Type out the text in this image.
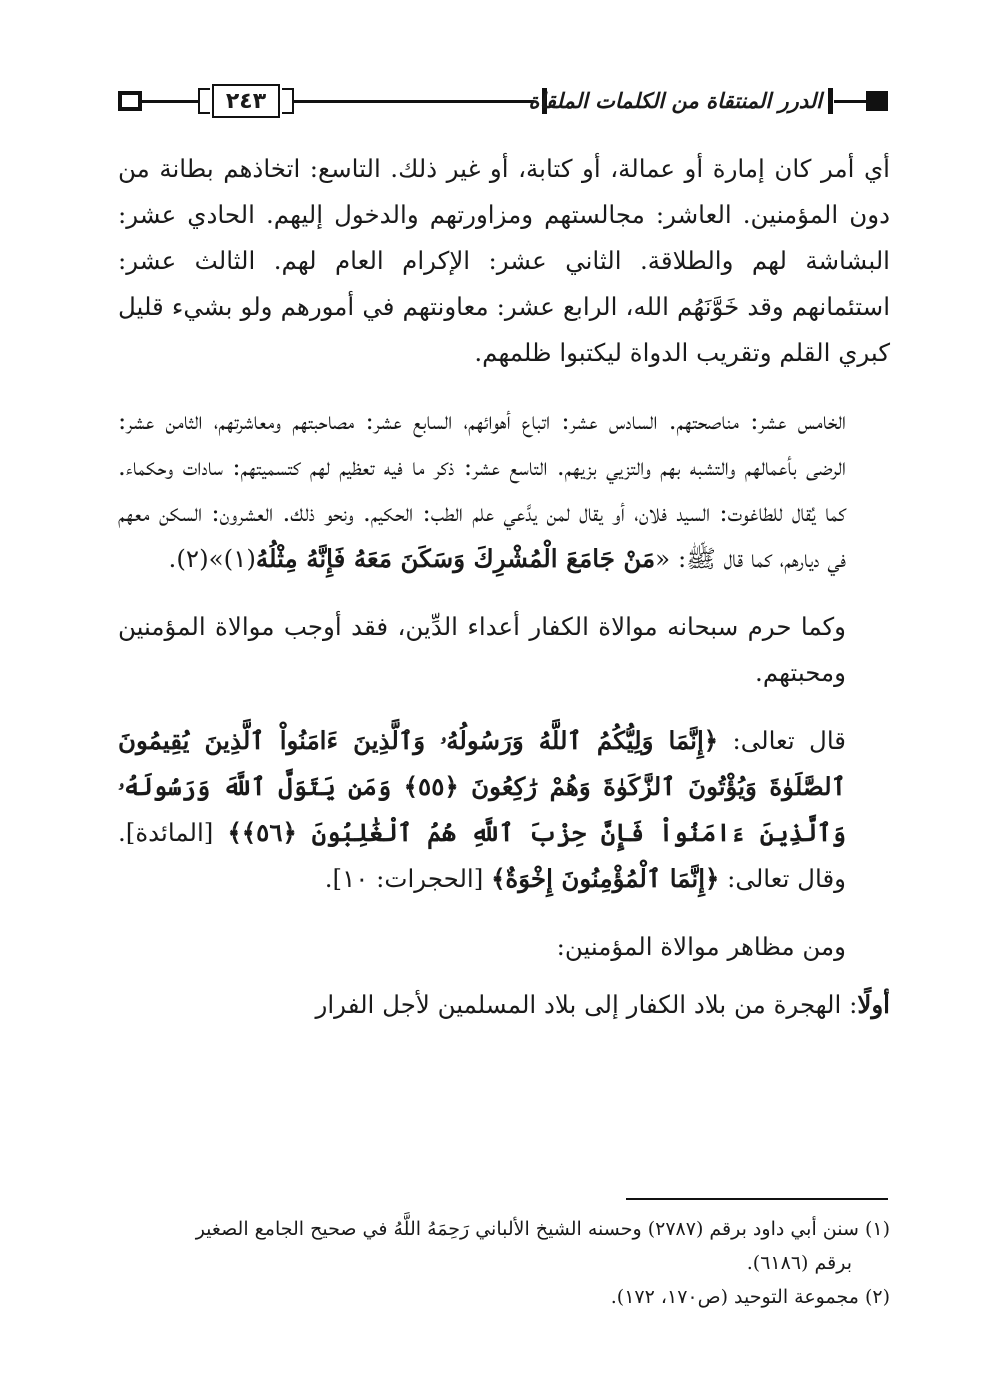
٢٤٣	الدرر المنتقاة من الكلمات الملقاة

أي أمر كان إمارة أو عمالة، أو كتابة، أو غير ذلك. التاسع: اتخاذهم بطانة من دون المؤمنين. العاشر: مجالستهم ومزاورتهم والدخول إليهم. الحادي عشر: البشاشة لهم والطلاقة. الثاني عشر: الإكرام العام لهم. الثالث عشر: استئمانهم وقد خَوَّنَهُم الله، الرابع عشر: معاونتهم في أمورهم ولو بشيء قليل كبري القلم وتقريب الدواة ليكتبوا ظلمهم.

الخامس عشر: مناصحتهم. السادس عشر: اتباع أهوائهم، السابع عشر: مصاحبتهم ومعاشرتهم، الثامن عشر: الرضى بأعمالهم والتشبه بهم والتزيي بزيهم. التاسع عشر: ذكر ما فيه تعظيم لهم كتسميتهم: سادات وحكماء. كما يُقال للطاغوت: السيد فلان، أو يقال لمن يدَّعي علم الطب: الحكيم. ونحو ذلك. العشرون: السكن معهم في ديارهم، كما قال ﷺ: «مَنْ جَامَعَ الْمُشْرِكَ وَسَكَنَ مَعَهُ فَإِنَّهُ مِثْلُهُ(١)»(٢).

وكما حرم سبحانه موالاة الكفار أعداء الدِّين، فقد أوجب موالاة المؤمنين ومحبتهم.

قال تعالى: ﴿إِنَّمَا وَلِيُّكُمُ ٱللَّهُ وَرَسُولُهُۥ وَٱلَّذِينَ ءَامَنُواْ ٱلَّذِينَ يُقِيمُونَ ٱلصَّلَوٰةَ وَيُؤْتُونَ ٱلزَّكَوٰةَ وَهُمْ رَٰكِعُونَ ﴿٥٥﴾ وَمَن يَتَوَلَّ ٱللَّهَ وَرَسُولَهُۥ وَٱلَّذِينَ ءَامَنُواْ فَإِنَّ حِزْبَ ٱللَّهِ هُمُ ٱلْغَٰلِبُونَ ﴿٥٦﴾﴾ [المائدة]. وقال تعالى: ﴿إِنَّمَا ٱلْمُؤْمِنُونَ إِخْوَةٌ﴾ [الحجرات: ١٠].

ومن مظاهر موالاة المؤمنين:

أولًا: الهجرة من بلاد الكفار إلى بلاد المسلمين لأجل الفرار

(١) سنن أبي داود برقم (٢٧٨٧) وحسنه الشيخ الألباني رَحِمَهُ اللَّهُ في صحيح الجامع الصغير

برقم (٦١٨٦).

(٢) مجموعة التوحيد (ص١٧٠، ١٧٢).
